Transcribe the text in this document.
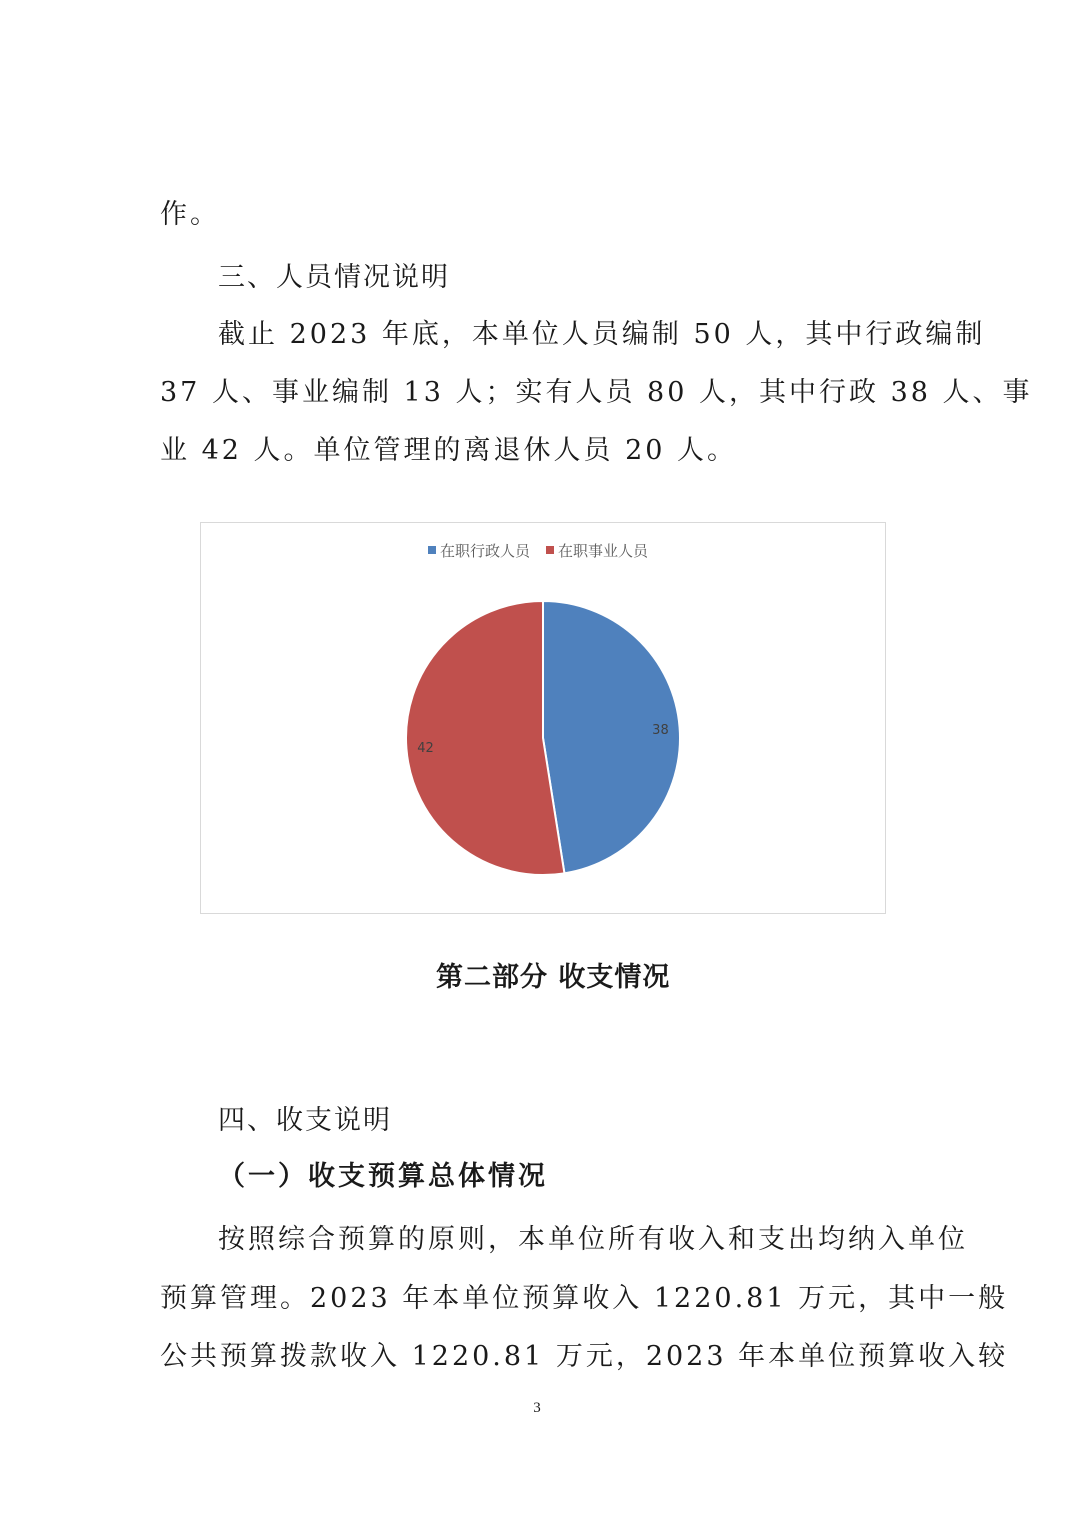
作。
三、人员情况说明
截止 2023 年底，本单位人员编制 50 人，其中行政编制
37 人、事业编制 13 人；实有人员 80 人，其中行政 38 人、事
业 42 人。单位管理的离退休人员 20 人。
在职行政人员 在职事业人员
38
42
第二部分 收支情况
四、收支说明
（一）收支预算总体情况
按照综合预算的原则，本单位所有收入和支出均纳入单位
预算管理。2023 年本单位预算收入 1220.81 万元，其中一般
公共预算拨款收入 1220.81 万元，2023 年本单位预算收入较
3
